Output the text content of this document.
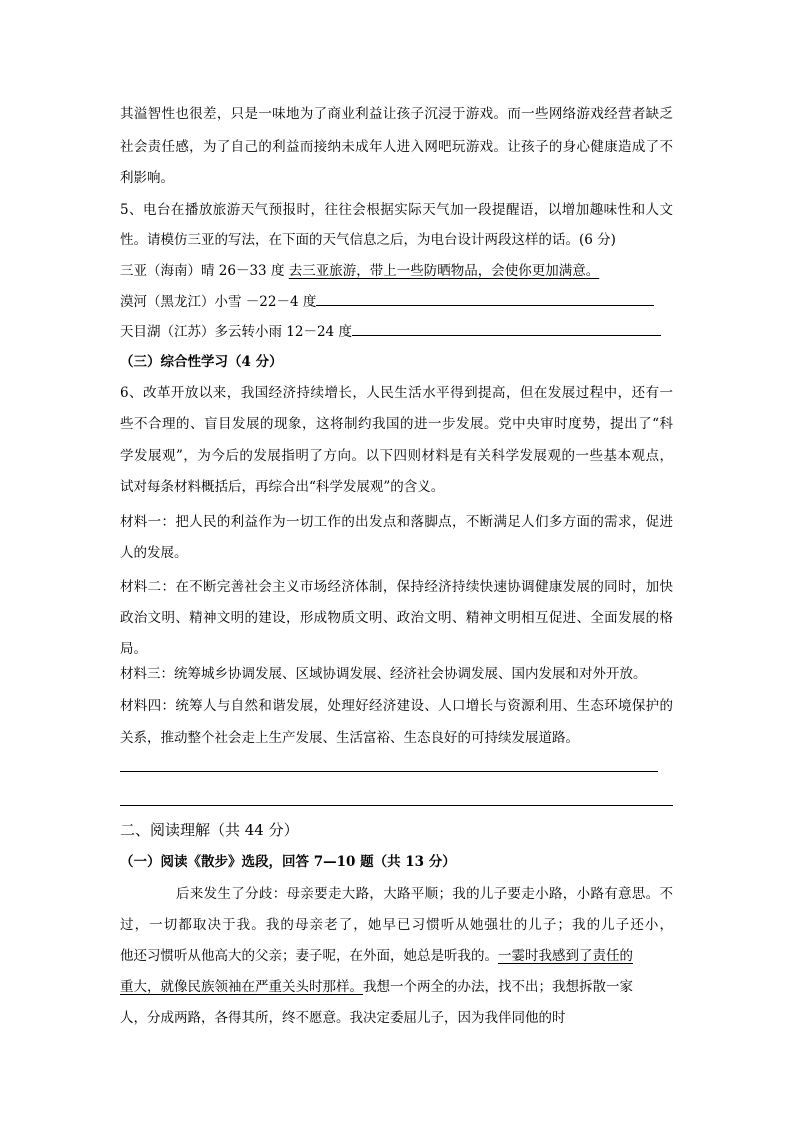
其溢智性也很差，只是一味地为了商业利益让孩子沉浸于游戏。而一些网络游戏经营者缺乏
社会责任感，为了自己的利益而接纳未成年人进入网吧玩游戏。让孩子的身心健康造成了不
利影响。
5、电台在播放旅游天气预报时，往往会根据实际天气加一段提醒语，以增加趣味性和人文
性。请模仿三亚的写法，在下面的天气信息之后，为电台设计两段这样的话。(6 分)
三亚（海南）晴 26－33 度 去三亚旅游，带上一些防晒物品，会使你更加满意。
漠河（黑龙江）小雪 －22－4 度
天目湖（江苏）多云转小雨 12－24 度
（三）综合性学习（4 分）
6、改革开放以来，我国经济持续增长，人民生活水平得到提高，但在发展过程中，还有一
些不合理的、盲目发展的现象，这将制约我国的进一步发展。党中央审时度势，提出了“科
学发展观”，为今后的发展指明了方向。以下四则材料是有关科学发展观的一些基本观点，
试对每条材料概括后，再综合出“科学发展观”的含义。
材料一：把人民的利益作为一切工作的出发点和落脚点，不断满足人们多方面的需求，促进
人的发展。
材料二：在不断完善社会主义市场经济体制，保持经济持续快速协调健康发展的同时，加快
政治文明、精神文明的建设，形成物质文明、政治文明、精神文明相互促进、全面发展的格
局。
材料三：统筹城乡协调发展、区域协调发展、经济社会协调发展、国内发展和对外开放。
材料四：统筹人与自然和谐发展，处理好经济建设、人口增长与资源利用、生态环境保护的
关系，推动整个社会走上生产发展、生活富裕、生态良好的可持续发展道路。
二、阅读理解（共 44 分）
（一）阅读《散步》选段，回答 7—10 题（共 13 分）
后来发生了分歧：母亲要走大路，大路平顺；我的儿子要走小路，小路有意思。不
过，一切都取决于我。我的母亲老了，她早已习惯听从她强壮的儿子；我的儿子还小，
他还习惯听从他高大的父亲；妻子呢，在外面，她总是听我的。一霎时我感到了责任的
重大，就像民族领袖在严重关头时那样。我想一个两全的办法，找不出；我想拆散一家
人，分成两路，各得其所，终不愿意。我决定委屈儿子，因为我伴同他的时
